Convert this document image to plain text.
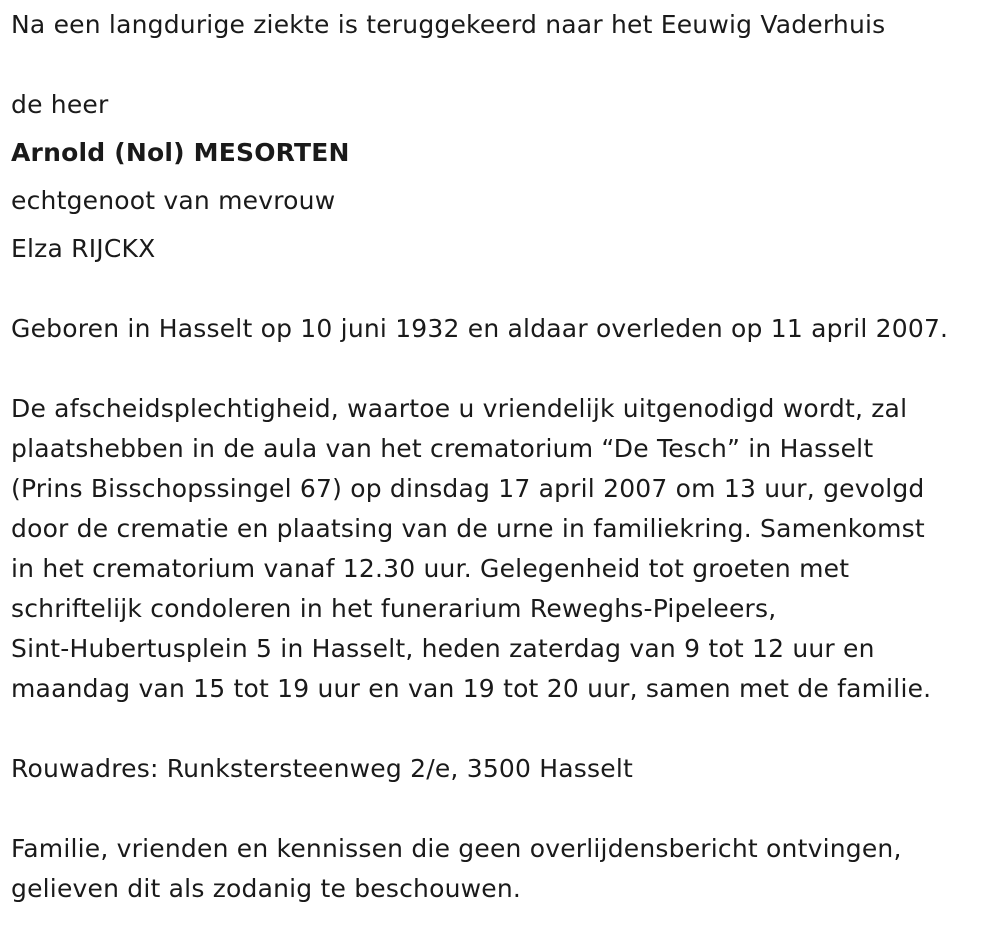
Na een langdurige ziekte is teruggekeerd naar het Eeuwig Vaderhuis
de heer
Arnold (Nol) MESORTEN
echtgenoot van mevrouw
Elza RIJCKX
Geboren in Hasselt op 10 juni 1932 en aldaar overleden op 11 april 2007.
De afscheidsplechtigheid, waartoe u vriendelijk uitgenodigd wordt, zal
plaatshebben in de aula van het crematorium “De Tesch” in Hasselt
(Prins Bisschopssingel 67) op dinsdag 17 april 2007 om 13 uur, gevolgd
door de crematie en plaatsing van de urne in familiekring. Samenkomst
in het crematorium vanaf 12.30 uur. Gelegenheid tot groeten met
schriftelijk condoleren in het funerarium Reweghs-Pipeleers,
Sint-Hubertusplein 5 in Hasselt, heden zaterdag van 9 tot 12 uur en
maandag van 15 tot 19 uur en van 19 tot 20 uur, samen met de familie.
Rouwadres: Runkstersteenweg 2/e, 3500 Hasselt
Familie, vrienden en kennissen die geen overlijdensbericht ontvingen,
gelieven dit als zodanig te beschouwen.
